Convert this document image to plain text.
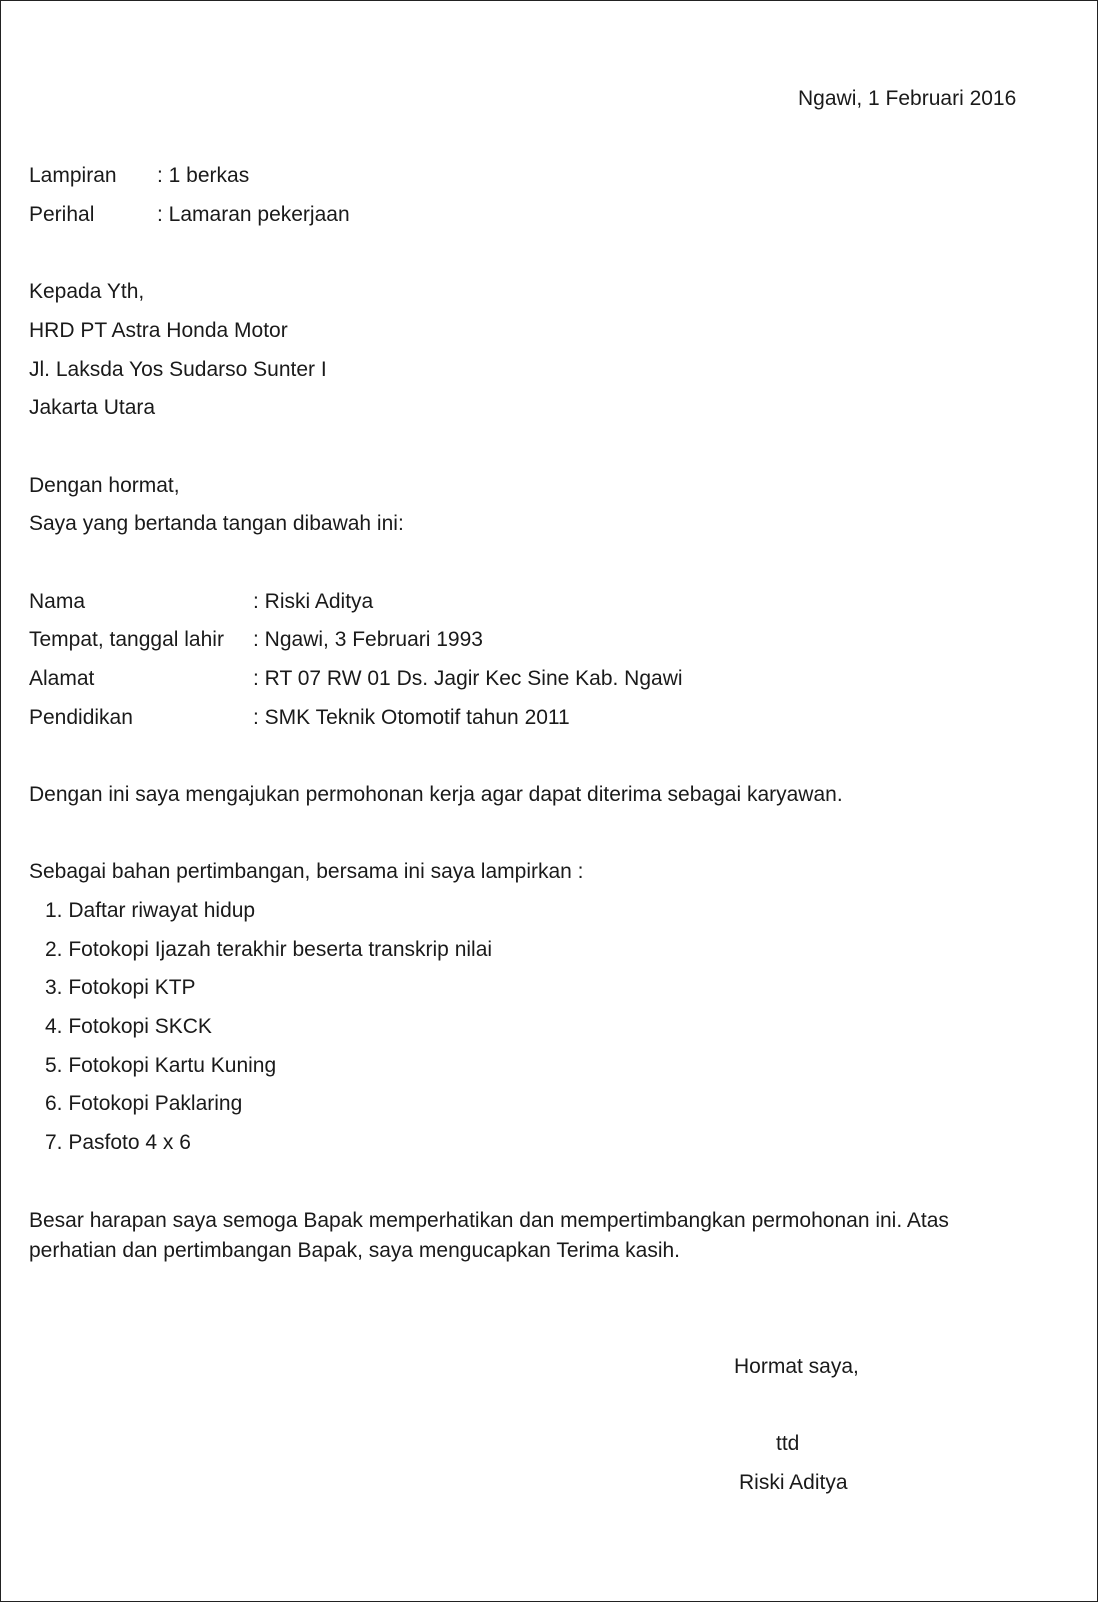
Ngawi, 1 Februari 2016
Lampiran : 1 berkas
Perihal	: Lamaran pekerjaan
Kepada Yth,
HRD PT Astra Honda Motor
Jl. Laksda Yos Sudarso Sunter I
Jakarta Utara
Dengan hormat,
Saya yang bertanda tangan dibawah ini:
Nama	: Riski Aditya
Tempat, tanggal lahir : Ngawi, 3 Februari 1993
Alamat	: RT 07 RW 01 Ds. Jagir Kec Sine Kab. Ngawi
Pendidikan	: SMK Teknik Otomotif tahun 2011
Dengan ini saya mengajukan permohonan kerja agar dapat diterima sebagai karyawan.
Sebagai bahan pertimbangan, bersama ini saya lampirkan :
1. Daftar riwayat hidup
2. Fotokopi Ijazah terakhir beserta transkrip nilai
3. Fotokopi KTP
4. Fotokopi SKCK
5. Fotokopi Kartu Kuning
6. Fotokopi Paklaring
7. Pasfoto 4 x 6
Besar harapan saya semoga Bapak memperhatikan dan mempertimbangkan permohonan ini. Atas
perhatian dan pertimbangan Bapak, saya mengucapkan Terima kasih.
Hormat saya,
ttd
Riski Aditya
